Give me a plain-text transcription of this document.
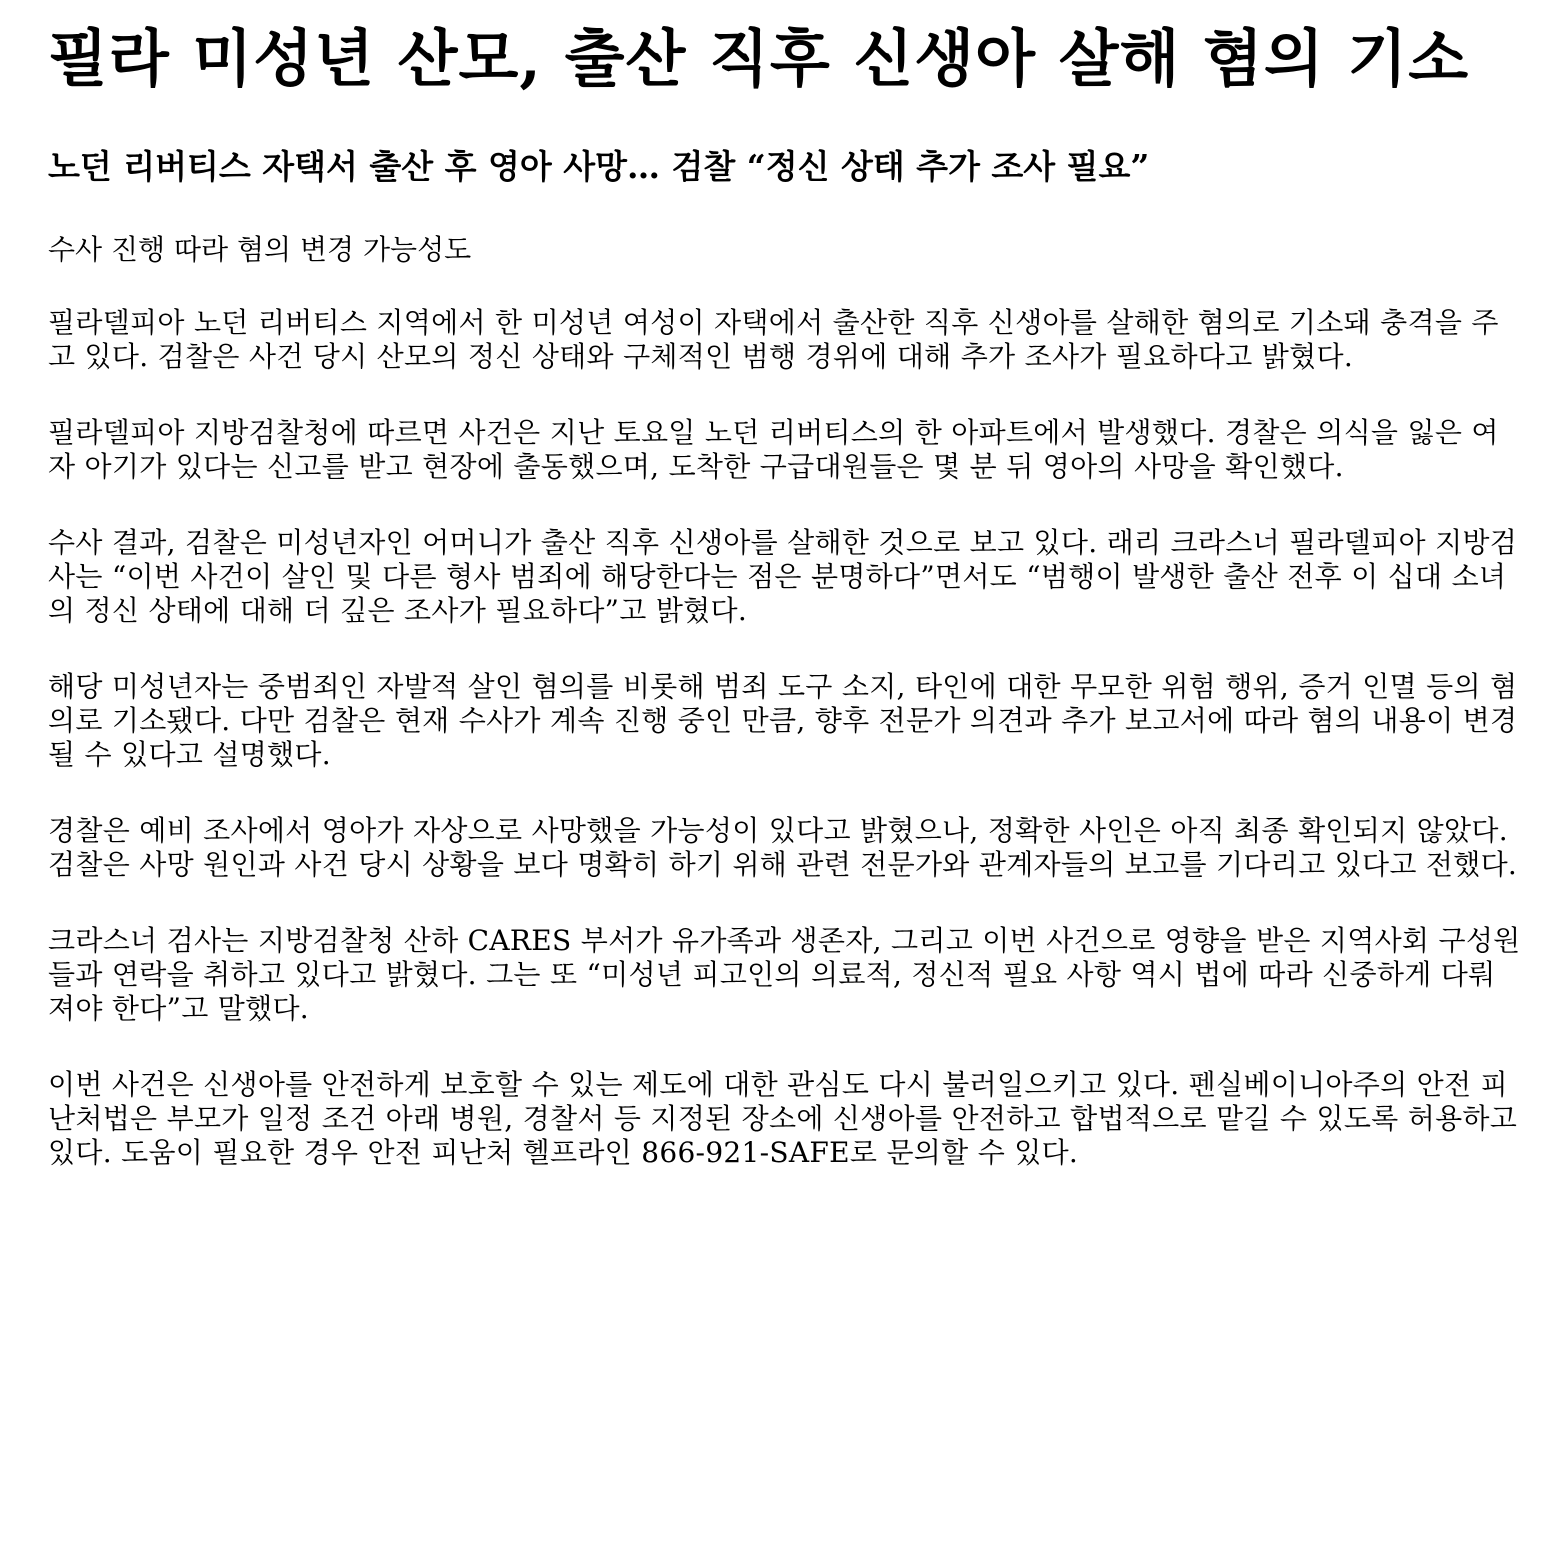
필라 미성년 산모, 출산 직후 신생아 살해 혐의 기소
노던 리버티스 자택서 출산 후 영아 사망… 검찰 “정신 상태 추가 조사 필요”
수사 진행 따라 혐의 변경 가능성도

필라델피아 노던 리버티스 지역에서 한 미성년 여성이 자택에서 출산한 직후 신생아를 살해한 혐의로 기소돼 충격을 주고 있다. 검찰은 사건 당시 산모의 정신 상태와 구체적인 범행 경위에 대해 추가 조사가 필요하다고 밝혔다.

필라델피아 지방검찰청에 따르면 사건은 지난 토요일 노던 리버티스의 한 아파트에서 발생했다. 경찰은 의식을 잃은 여자 아기가 있다는 신고를 받고 현장에 출동했으며, 도착한 구급대원들은 몇 분 뒤 영아의 사망을 확인했다.

수사 결과, 검찰은 미성년자인 어머니가 출산 직후 신생아를 살해한 것으로 보고 있다. 래리 크라스너 필라델피아 지방검사는 “이번 사건이 살인 및 다른 형사 범죄에 해당한다는 점은 분명하다”면서도 “범행이 발생한 출산 전후 이 십대 소녀의 정신 상태에 대해 더 깊은 조사가 필요하다”고 밝혔다.

해당 미성년자는 중범죄인 자발적 살인 혐의를 비롯해 범죄 도구 소지, 타인에 대한 무모한 위험 행위, 증거 인멸 등의 혐의로 기소됐다. 다만 검찰은 현재 수사가 계속 진행 중인 만큼, 향후 전문가 의견과 추가 보고서에 따라 혐의 내용이 변경될 수 있다고 설명했다.

경찰은 예비 조사에서 영아가 자상으로 사망했을 가능성이 있다고 밝혔으나, 정확한 사인은 아직 최종 확인되지 않았다. 검찰은 사망 원인과 사건 당시 상황을 보다 명확히 하기 위해 관련 전문가와 관계자들의 보고를 기다리고 있다고 전했다.

크라스너 검사는 지방검찰청 산하 CARES 부서가 유가족과 생존자, 그리고 이번 사건으로 영향을 받은 지역사회 구성원들과 연락을 취하고 있다고 밝혔다. 그는 또 “미성년 피고인의 의료적, 정신적 필요 사항 역시 법에 따라 신중하게 다뤄져야 한다”고 말했다.

이번 사건은 신생아를 안전하게 보호할 수 있는 제도에 대한 관심도 다시 불러일으키고 있다. 펜실베이니아주의 안전 피난처법은 부모가 일정 조건 아래 병원, 경찰서 등 지정된 장소에 신생아를 안전하고 합법적으로 맡길 수 있도록 허용하고 있다. 도움이 필요한 경우 안전 피난처 헬프라인 866-921-SAFE로 문의할 수 있다.
